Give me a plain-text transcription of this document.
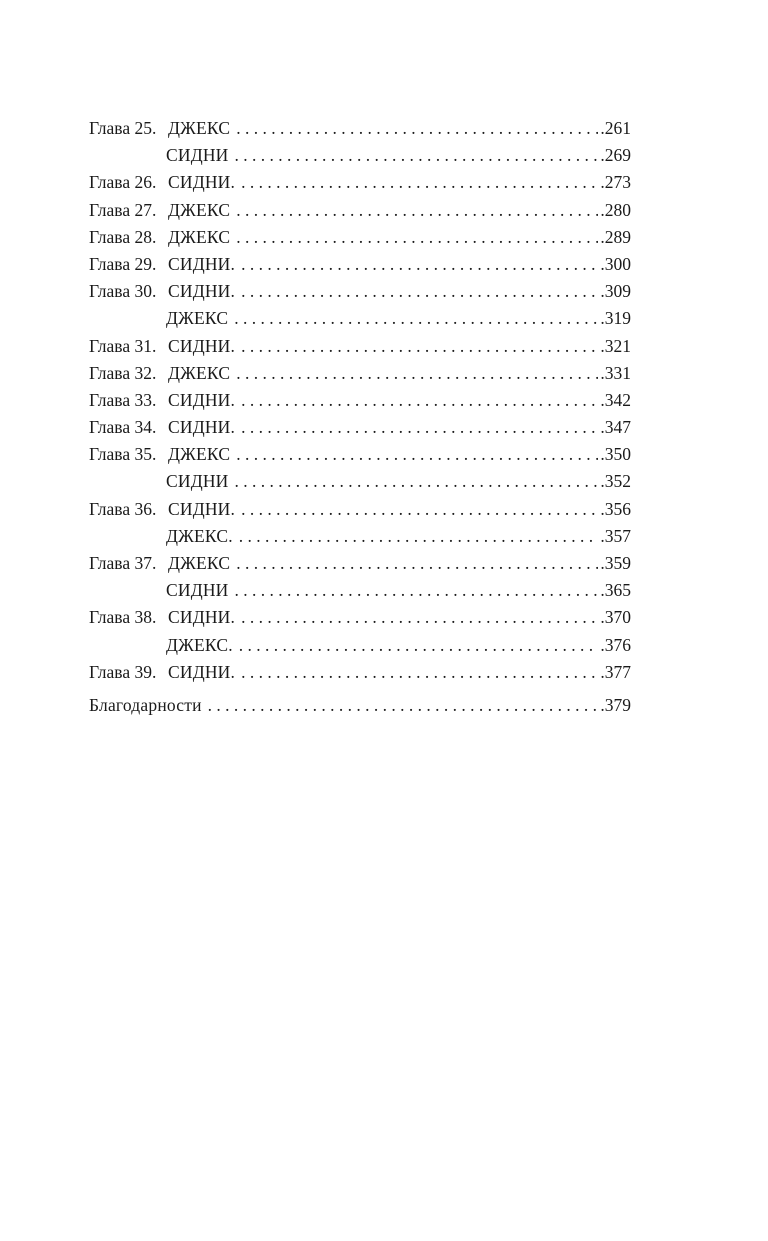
Глава 25. ДЖЕКС . . .	.261
СИДНИ . . .	.269
Глава 26. СИДНИ. . . .	.273
Глава 27. ДЖЕКС . . .	.280
Глава 28. ДЖЕКС . . .	.289
Глава 29. СИДНИ. . . .	.300
Глава 30. СИДНИ. . . .	.309
ДЖЕКС . . .	.319
Глава 31. СИДНИ. . . .	.321
Глава 32. ДЖЕКС . . .	.331
Глава 33. СИДНИ. . . .	.342
Глава 34. СИДНИ. . . .	.347
Глава 35. ДЖЕКС . . .	.350
СИДНИ . . .	.352
Глава 36. СИДНИ. . . .	.356
ДЖЕКС. . . .	.357
Глава 37. ДЖЕКС . . .	.359
СИДНИ . . .	.365
Глава 38. СИДНИ. . . .	.370
ДЖЕКС. . . .	.376
Глава 39. СИДНИ. . . .	.377
Благодарности . . .	.379
